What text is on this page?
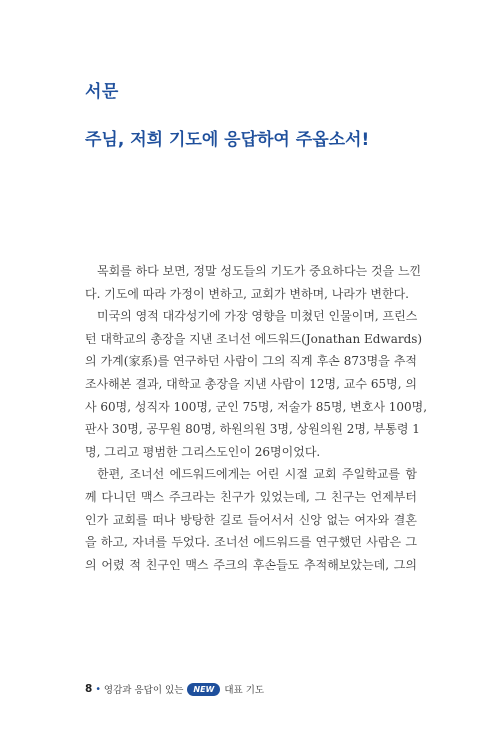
서문
주님, 저희 기도에 응답하여 주옵소서!
목회를 하다 보면, 정말 성도들의 기도가 중요하다는 것을 느낀
다. 기도에 따라 가정이 변하고, 교회가 변하며, 나라가 변한다.
미국의 영적 대각성기에 가장 영향을 미쳤던 인물이며, 프린스
턴 대학교의 총장을 지낸 조너선 에드워드(Jonathan Edwards)
의 가계(家系)를 연구하던 사람이 그의 직계 후손 873명을 추적
조사해본 결과, 대학교 총장을 지낸 사람이 12명, 교수 65명, 의
사 60명, 성직자 100명, 군인 75명, 저술가 85명, 변호사 100명,
판사 30명, 공무원 80명, 하원의원 3명, 상원의원 2명, 부통령 1
명, 그리고 평범한 그리스도인이 26명이었다.
한편, 조너선 에드워드에게는 어린 시절 교회 주일학교를 함
께 다니던 맥스 주크라는 친구가 있었는데, 그 친구는 언제부터
인가 교회를 떠나 방탕한 길로 들어서서 신앙 없는 여자와 결혼
을 하고, 자녀를 두었다. 조너선 에드워드를 연구했던 사람은 그
의 어렸 적 친구인 맥스 주크의 후손들도 추적해보았는데, 그의
8 • 영감과 응답이 있는	NEW	대표 기도
